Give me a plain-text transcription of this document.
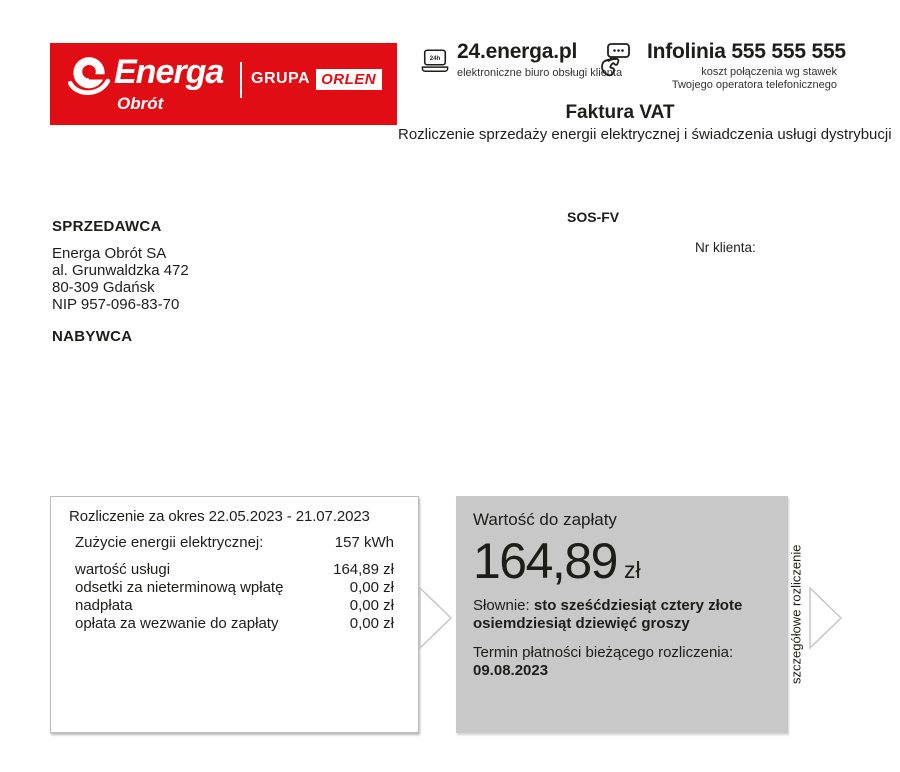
Energa
Obrót
GRUPA ORLEN
24h 24.energa.pl
elektroniczne biuro obsługi klienta
Infolinia 555 555 555
koszt połączenia wg stawek
Twojego operatora telefonicznego
Faktura VAT
Rozliczenie sprzedaży energii elektrycznej i świadczenia usługi dystrybucji
SPRZEDAWCA
Energa Obrót SA
al. Grunwaldzka 472
80-309 Gdańsk
NIP 957-096-83-70
SOS-FV
Nr klienta:
NABYWCA
Rozliczenie za okres 22.05.2023 - 21.07.2023
Zużycie energii elektrycznej:	157 kWh
wartość usługi	164,89 zł
odsetki za nieterminową wpłatę	0,00 zł
nadpłata	0,00 zł
opłata za wezwanie do zapłaty	0,00 zł
Wartość do zapłaty
164,89 zł

Słownie: sto sześćdziesiąt cztery złote osiemdziesiąt dziewięć groszy

Termin płatności bieżącego rozliczenia:
09.08.2023	szczegółowe rozliczenie
